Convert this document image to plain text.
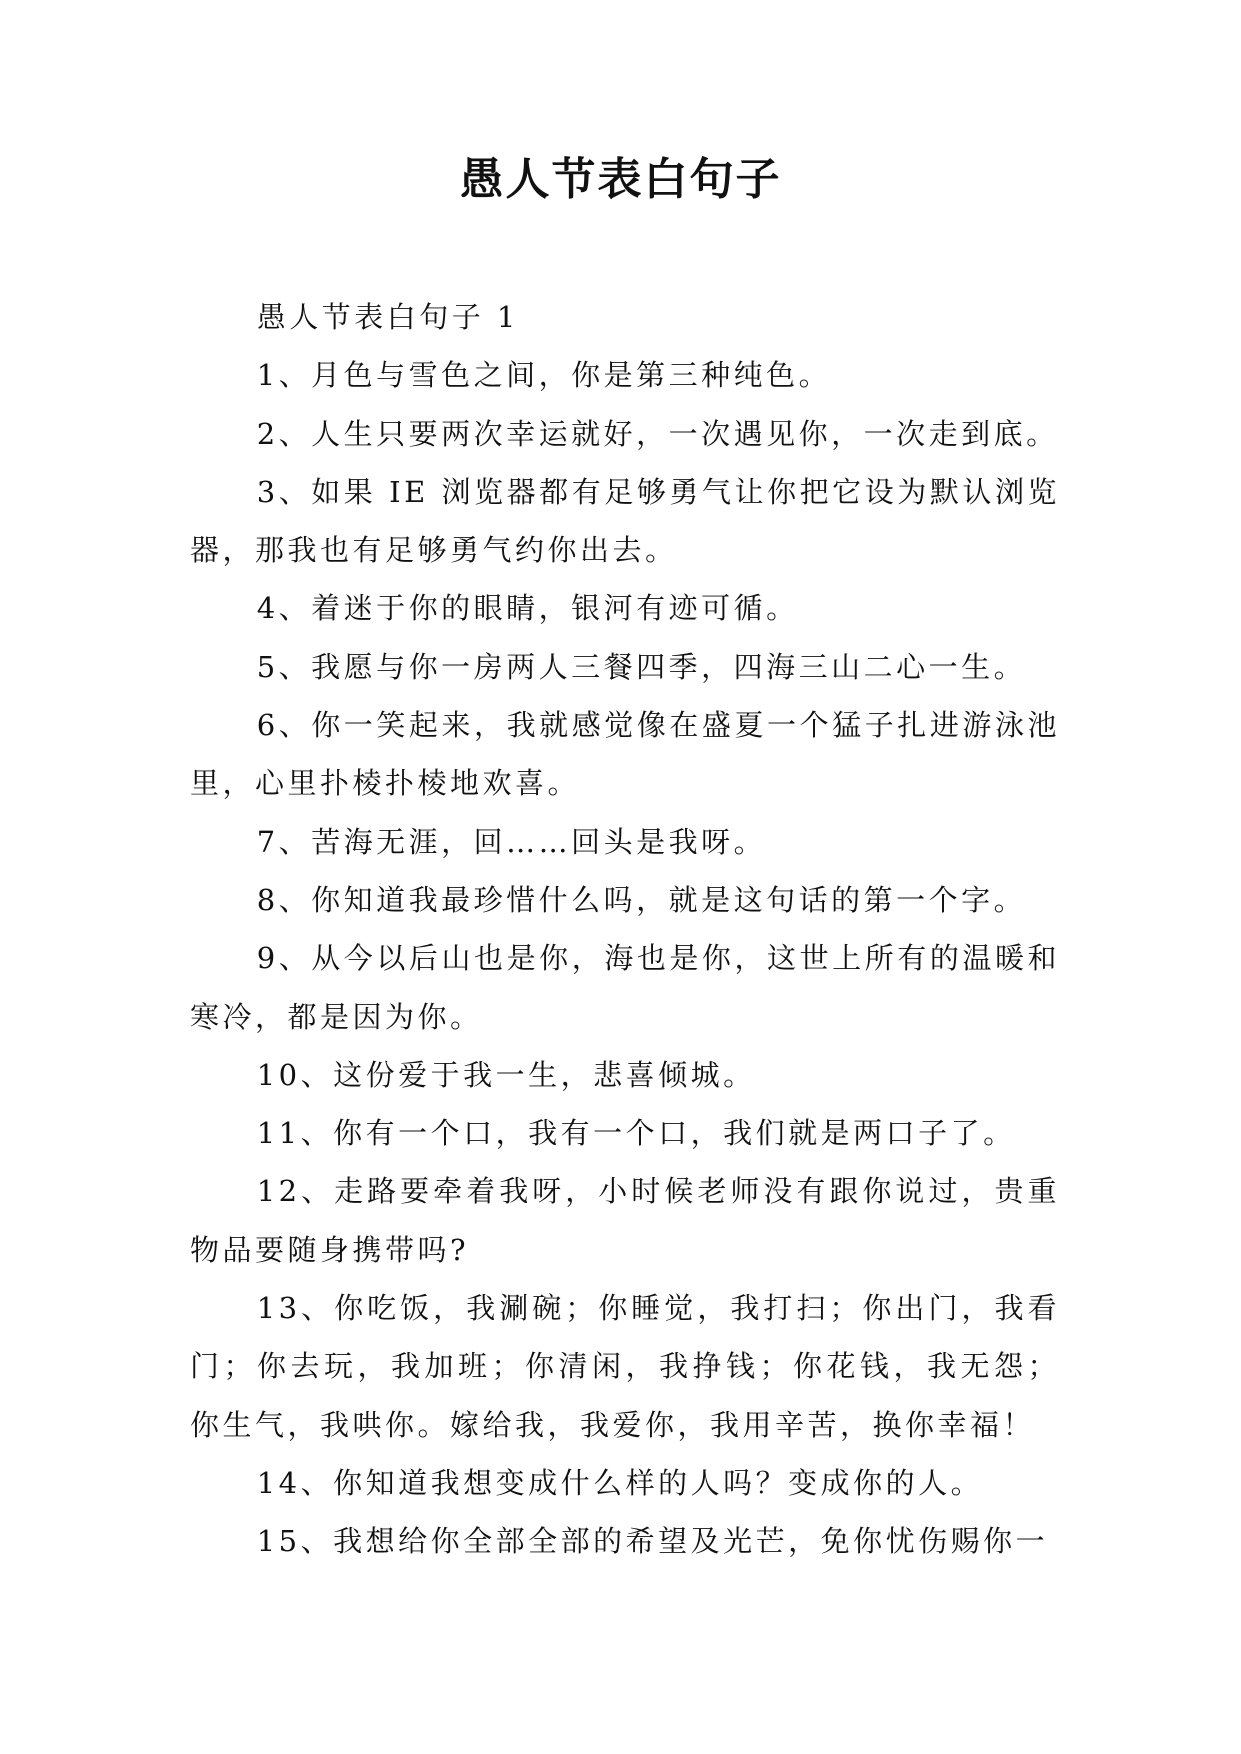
愚人节表白句子

愚人节表白句子 1

1、月色与雪色之间，你是第三种纯色。

2、人生只要两次幸运就好，一次遇见你，一次走到底。

3、如果 IE 浏览器都有足够勇气让你把它设为默认浏览器，那我也有足够勇气约你出去。

4、着迷于你的眼睛，银河有迹可循。

5、我愿与你一房两人三餐四季，四海三山二心一生。

6、你一笑起来，我就感觉像在盛夏一个猛子扎进游泳池里，心里扑棱扑棱地欢喜。

7、苦海无涯，回……回头是我呀。

8、你知道我最珍惜什么吗，就是这句话的第一个字。

9、从今以后山也是你，海也是你，这世上所有的温暖和寒冷，都是因为你。

10、这份爱于我一生，悲喜倾城。

11、你有一个口，我有一个口，我们就是两口子了。

12、走路要牵着我呀，小时候老师没有跟你说过，贵重物品要随身携带吗?

13、你吃饭，我涮碗；你睡觉，我打扫；你出门，我看门；你去玩，我加班；你清闲，我挣钱；你花钱，我无怨；你生气，我哄你。嫁给我，我爱你，我用辛苦，换你幸福！

14、你知道我想变成什么样的人吗？变成你的人。

15、我想给你全部全部的希望及光芒，免你忧伤赐你一
